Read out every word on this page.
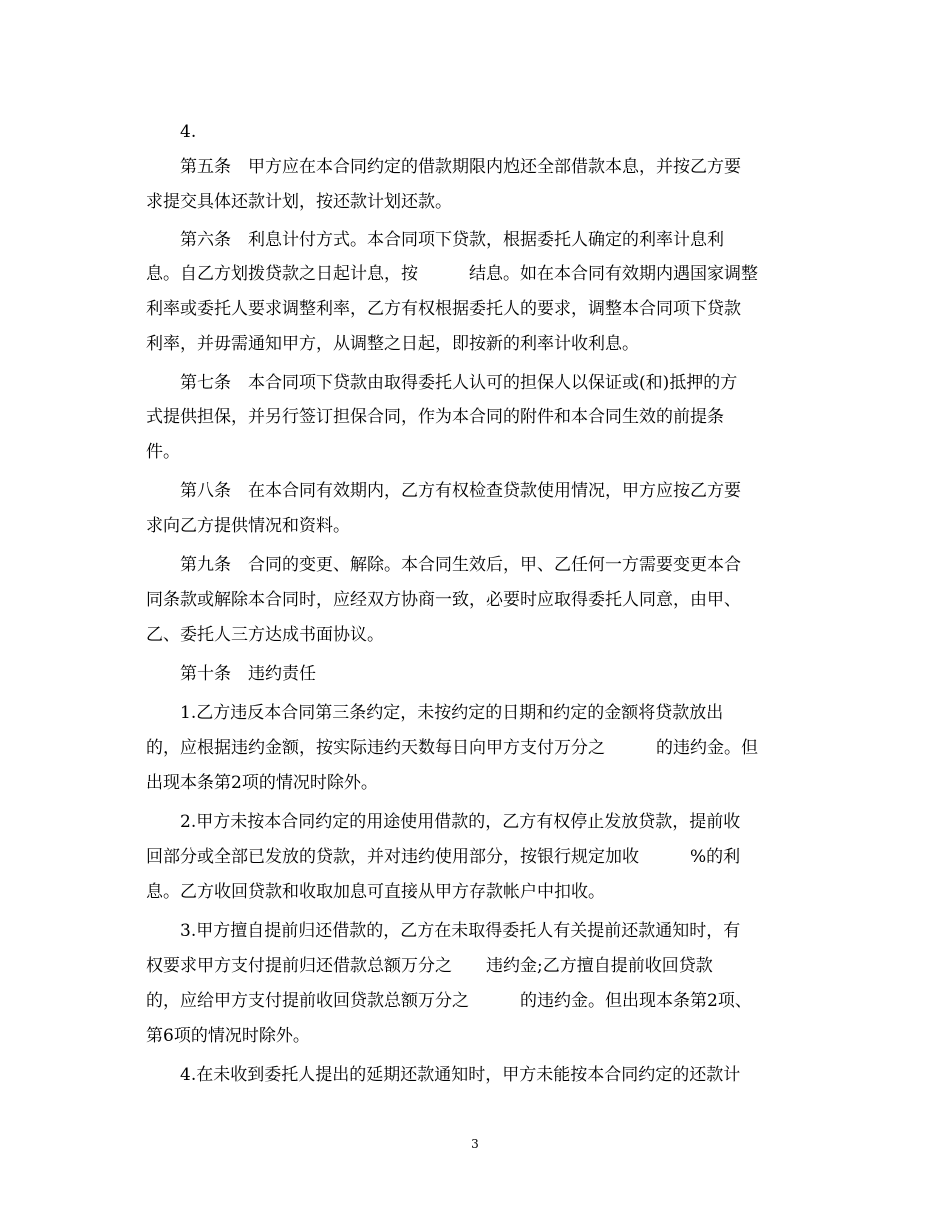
4.
第五条　甲方应在本合同约定的借款期限内尥还全部借款本息，并按乙方要
求提交具体还款计划，按还款计划还款。
第六条　利息计付方式。本合同项下贷款，根据委托人确定的利率计息利
息。自乙方划拨贷款之日起计息，按　　　结息。如在本合同有效期内遇国家调整
利率或委托人要求调整利率，乙方有权根据委托人的要求，调整本合同项下贷款
利率，并毋需通知甲方，从调整之日起，即按新的利率计收利息。
第七条　本合同项下贷款由取得委托人认可的担保人以保证或(和)抵押的方
式提供担保，并另行签订担保合同，作为本合同的附件和本合同生效的前提条
件。
第八条　在本合同有效期内，乙方有权检查贷款使用情况，甲方应按乙方要
求向乙方提供情况和资料。
第九条　合同的变更、解除。本合同生效后，甲、乙任何一方需要变更本合
同条款或解除本合同时，应经双方协商一致，必要时应取得委托人同意，由甲、
乙、委托人三方达成书面协议。
第十条　违约责任
1.乙方违反本合同第三条约定，未按约定的日期和约定的金额将贷款放出
的，应根据违约金额，按实际违约天数每日向甲方支付万分之　　　的违约金。但
出现本条第2项的情况时除外。
2.甲方未按本合同约定的用途使用借款的，乙方有权停止发放贷款，提前收
回部分或全部已发放的贷款，并对违约使用部分，按银行规定加收　　　%的利
息。乙方收回贷款和收取加息可直接从甲方存款帐户中扣收。
3.甲方擅自提前归还借款的，乙方在未取得委托人有关提前还款通知时，有
权要求甲方支付提前归还借款总额万分之　　违约金;乙方擅自提前收回贷款
的，应给甲方支付提前收回贷款总额万分之　　　的违约金。但出现本条第2项、
第6项的情况时除外。
4.在未收到委托人提出的延期还款通知时，甲方未能按本合同约定的还款计
3
